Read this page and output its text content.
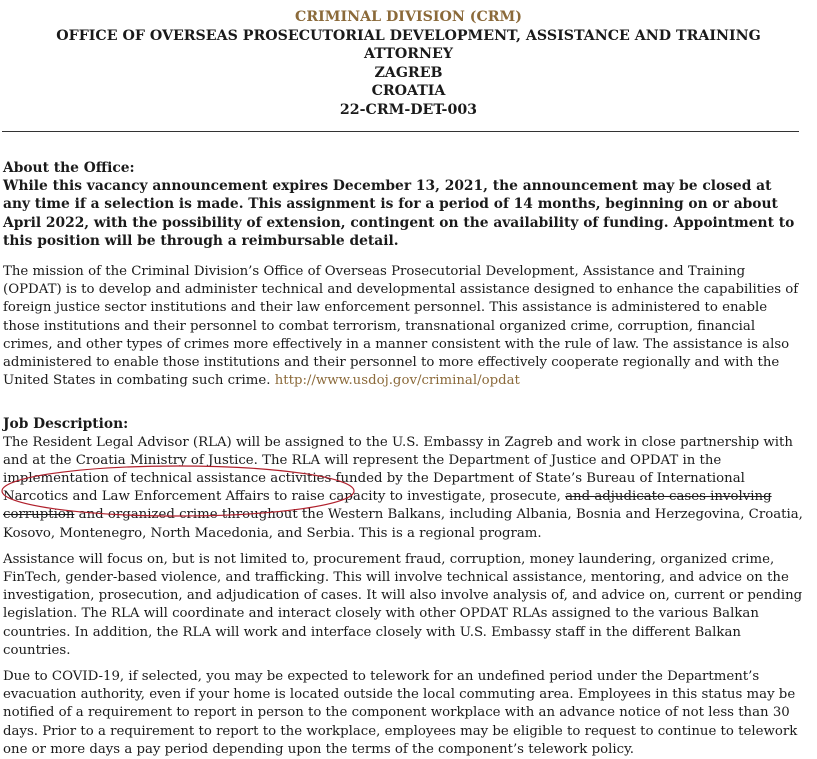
CRIMINAL DIVISION (CRM)
OFFICE OF OVERSEAS PROSECUTORIAL DEVELOPMENT, ASSISTANCE AND TRAINING
ATTORNEY
ZAGREB
CROATIA
22-CRM-DET-003

About the Office:

While this vacancy announcement expires December 13, 2021, the announcement may be closed at any time if a selection is made. This assignment is for a period of 14 months, beginning on or about April 2022, with the possibility of extension, contingent on the availability of funding. Appointment to this position will be through a reimbursable detail.

The mission of the Criminal Division’s Office of Overseas Prosecutorial Development, Assistance and Training (OPDAT) is to develop and administer technical and developmental assistance designed to enhance the capabilities of foreign justice sector institutions and their law enforcement personnel. This assistance is administered to enable those institutions and their personnel to combat terrorism, transnational organized crime, corruption, financial crimes, and other types of crimes more effectively in a manner consistent with the rule of law. The assistance is also administered to enable those institutions and their personnel to more effectively cooperate regionally and with the United States in combating such crime. http://www.usdoj.gov/criminal/opdat

Job Description:

The Resident Legal Advisor (RLA) will be assigned to the U.S. Embassy in Zagreb and work in close partnership with and at the Croatia Ministry of Justice. The RLA will represent the Department of Justice and OPDAT in the implementation of technical assistance activities funded by the Department of State’s Bureau of International Narcotics and Law Enforcement Affairs to raise capacity to investigate, prosecute, and adjudicate cases involving corruption and organized crime throughout the Western Balkans, including Albania, Bosnia and Herzegovina, Croatia, Kosovo, Montenegro, North Macedonia, and Serbia. This is a regional program.

Assistance will focus on, but is not limited to, procurement fraud, corruption, money laundering, organized crime, FinTech, gender-based violence, and trafficking. This will involve technical assistance, mentoring, and advice on the investigation, prosecution, and adjudication of cases. It will also involve analysis of, and advice on, current or pending legislation. The RLA will coordinate and interact closely with other OPDAT RLAs assigned to the various Balkan countries. In addition, the RLA will work and interface closely with U.S. Embassy staff in the different Balkan countries.

Due to COVID-19, if selected, you may be expected to telework for an undefined period under the Department’s evacuation authority, even if your home is located outside the local commuting area. Employees in this status may be notified of a requirement to report in person to the component workplace with an advance notice of not less than 30 days. Prior to a requirement to report to the workplace, employees may be eligible to request to continue to telework one or more days a pay period depending upon the terms of the component’s telework policy.
